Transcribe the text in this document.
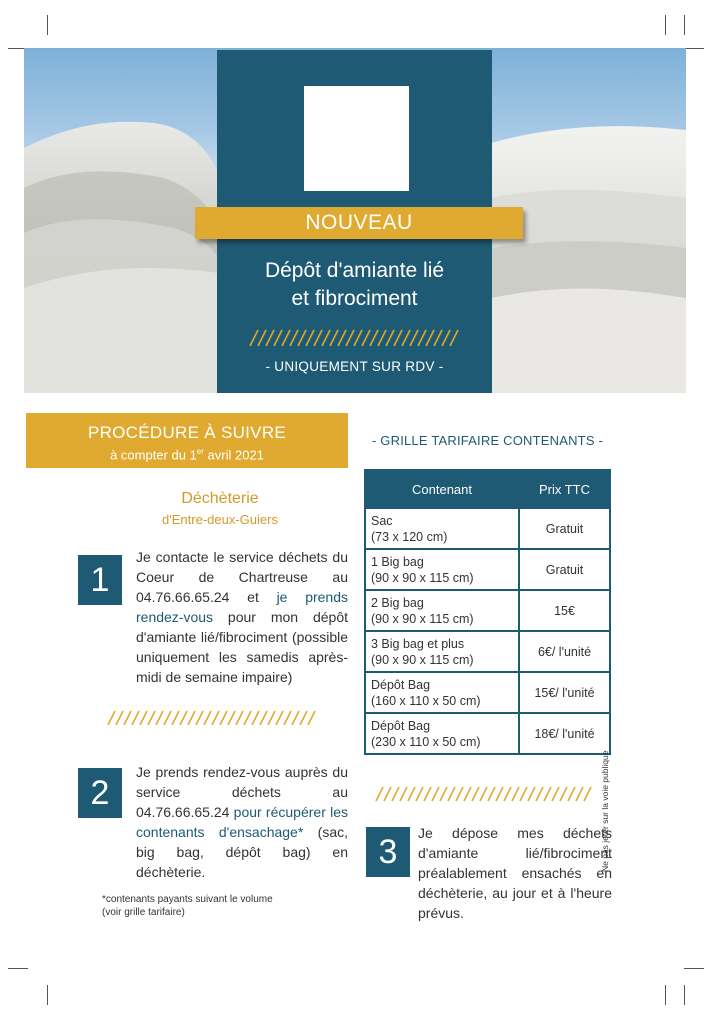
NOUVEAU
Dépôt d'amiante lié
et fibrociment
- UNIQUEMENT SUR RDV -
PROCÉDURE À SUIVRE
à compter du 1er avril 2021
Déchèterie
d'Entre-deux-Guiers
1
Je contacte le service déchets du Coeur de Chartreuse au 04.76.66.65.24 et je prends rendez-vous pour mon dépôt d'amiante lié/fibrociment (possible uniquement les samedis après-midi de semaine impaire)
2
Je prends rendez-vous auprès du service déchets au 04.76.66.65.24 pour récupérer les contenants d'ensachage* (sac, big bag, dépôt bag) en déchèterie.
*contenants payants suivant le volume
(voir grille tarifaire)
- GRILLE TARIFAIRE CONTENANTS -
Contenant	Prix TTC

Sac
(73 x 120 cm)	Gratuit

1 Big bag
(90 x 90 x 115 cm)	Gratuit

2 Big bag
(90 x 90 x 115 cm)	15€

3 Big bag et plus
(90 x 90 x 115 cm)	6€/ l'unité

Dépôt Bag
(160 x 110 x 50 cm)	15€/ l'unité

Dépôt Bag
(230 x 110 x 50 cm)	18€/ l'unité
3 Je dépose mes déchets d'amiante lié/fibrociment préalablement ensachés en déchèterie, au jour et à l'heure prévus.
Ne pas jeter sur la voie publique
